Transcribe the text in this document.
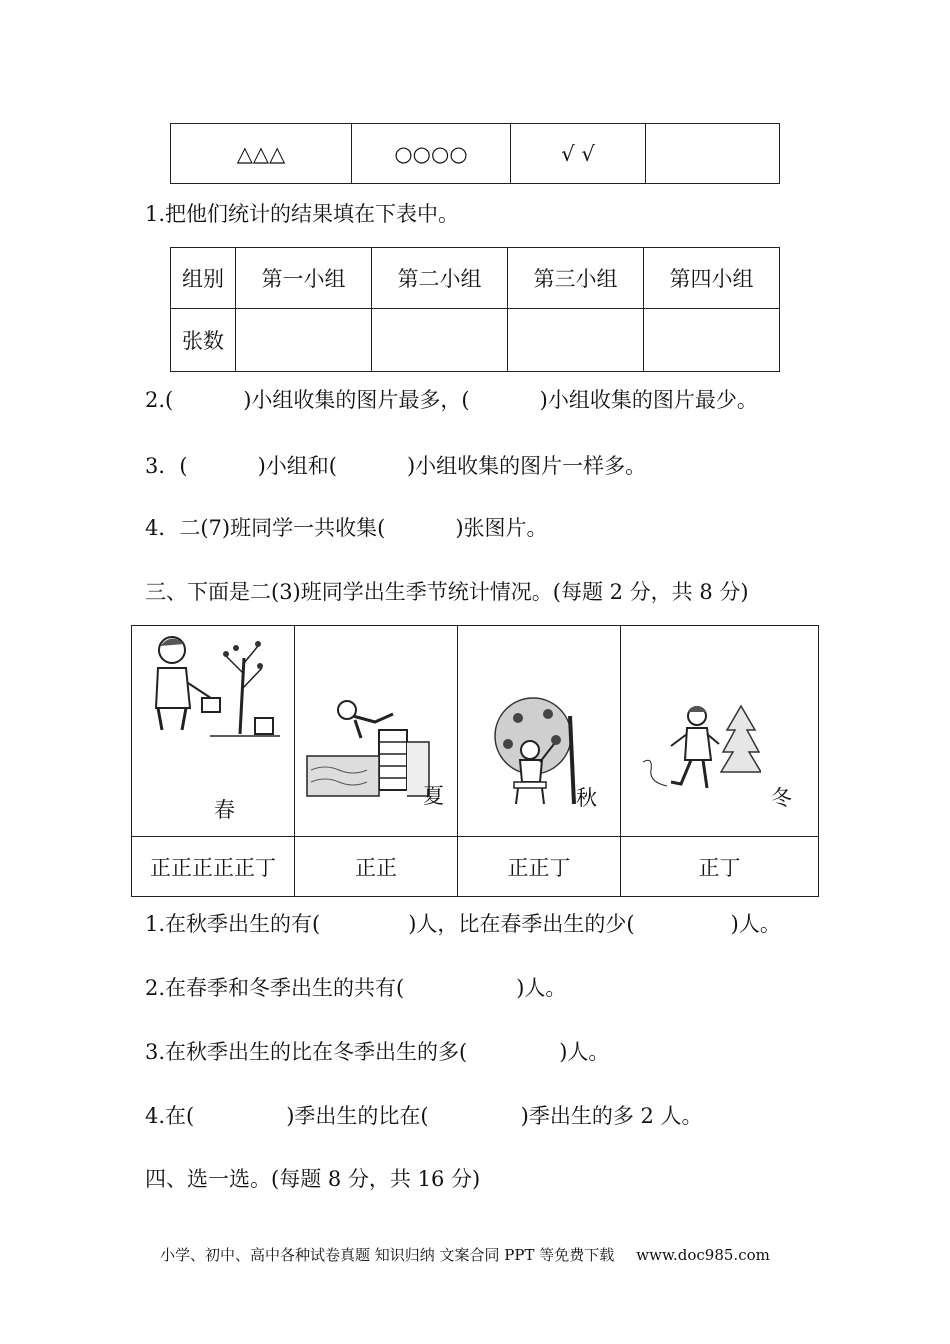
△△△	○○○○	√ √	
1.把他们统计的结果填在下表中。
组别	第一小组	第二小组	第三小组	第四小组
张数				
2.(	)小组收集的图片最多，(	)小组收集的图片最少。
3．(	)小组和(	)小组收集的图片一样多。
4．二(7)班同学一共收集(	)张图片。
三、下面是二(3)班同学出生季节统计情况。(每题 2 分，共 8 分)
春	夏	秋	冬

正正正正正丁	正正	正正丁	正丁
1.在秋季出生的有(	)人，比在春季出生的少(	)人。
2.在春季和冬季出生的共有(	)人。
3.在秋季出生的比在冬季出生的多(	)人。
4.在(	)季出生的比在(	)季出生的多 2 人。
四、选一选。(每题 8 分，共 16 分)
小学、初中、高中各种试卷真题 知识归纳 文案合同 PPT 等免费下载 www.doc985.com
